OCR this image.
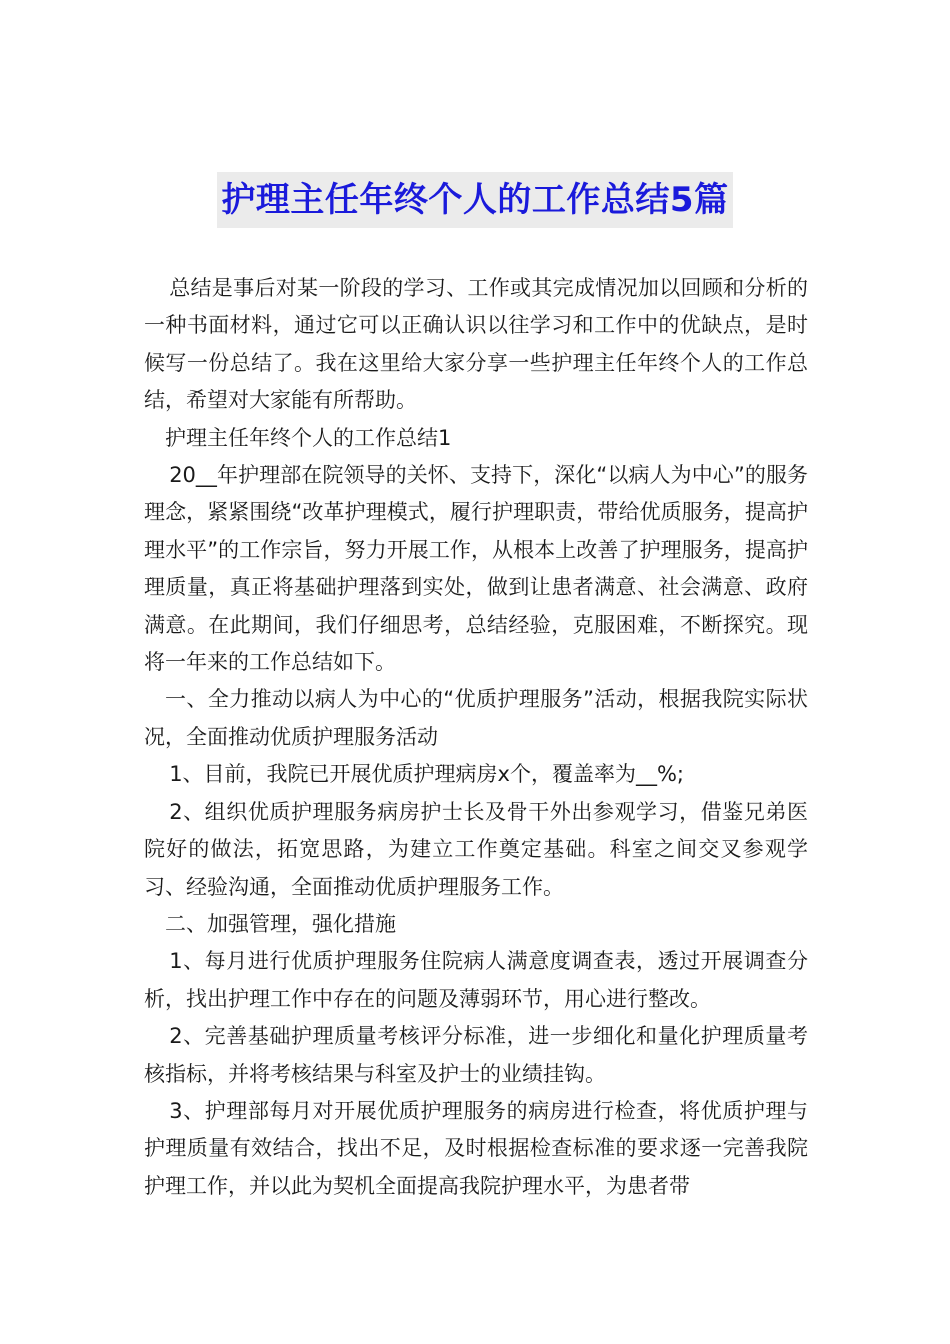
护理主任年终个人的工作总结5篇

总结是事后对某一阶段的学习、工作或其完成情况加以回顾和分析的一种书面材料，通过它可以正确认识以往学习和工作中的优缺点，是时候写一份总结了。我在这里给大家分享一些护理主任年终个人的工作总结，希望对大家能有所帮助。

护理主任年终个人的工作总结1

20__年护理部在院领导的关怀、支持下，深化“以病人为中心”的服务理念，紧紧围绕“改革护理模式，履行护理职责，带给优质服务，提高护理水平”的工作宗旨，努力开展工作，从根本上改善了护理服务，提高护理质量，真正将基础护理落到实处，做到让患者满意、社会满意、政府满意。在此期间，我们仔细思考，总结经验，克服困难，不断探究。现将一年来的工作总结如下。

一、全力推动以病人为中心的“优质护理服务”活动，根据我院实际状况，全面推动优质护理服务活动

1、目前，我院已开展优质护理病房x个，覆盖率为__%;

2、组织优质护理服务病房护士长及骨干外出参观学习，借鉴兄弟医院好的做法，拓宽思路，为建立工作奠定基础。科室之间交叉参观学习、经验沟通，全面推动优质护理服务工作。

二、加强管理，强化措施

1、每月进行优质护理服务住院病人满意度调查表，透过开展调查分析，找出护理工作中存在的问题及薄弱环节，用心进行整改。

2、完善基础护理质量考核评分标准，进一步细化和量化护理质量考核指标，并将考核结果与科室及护士的业绩挂钩。

3、护理部每月对开展优质护理服务的病房进行检查，将优质护理与护理质量有效结合，找出不足，及时根据检查标准的要求逐一完善我院护理工作，并以此为契机全面提高我院护理水平，为患者带
